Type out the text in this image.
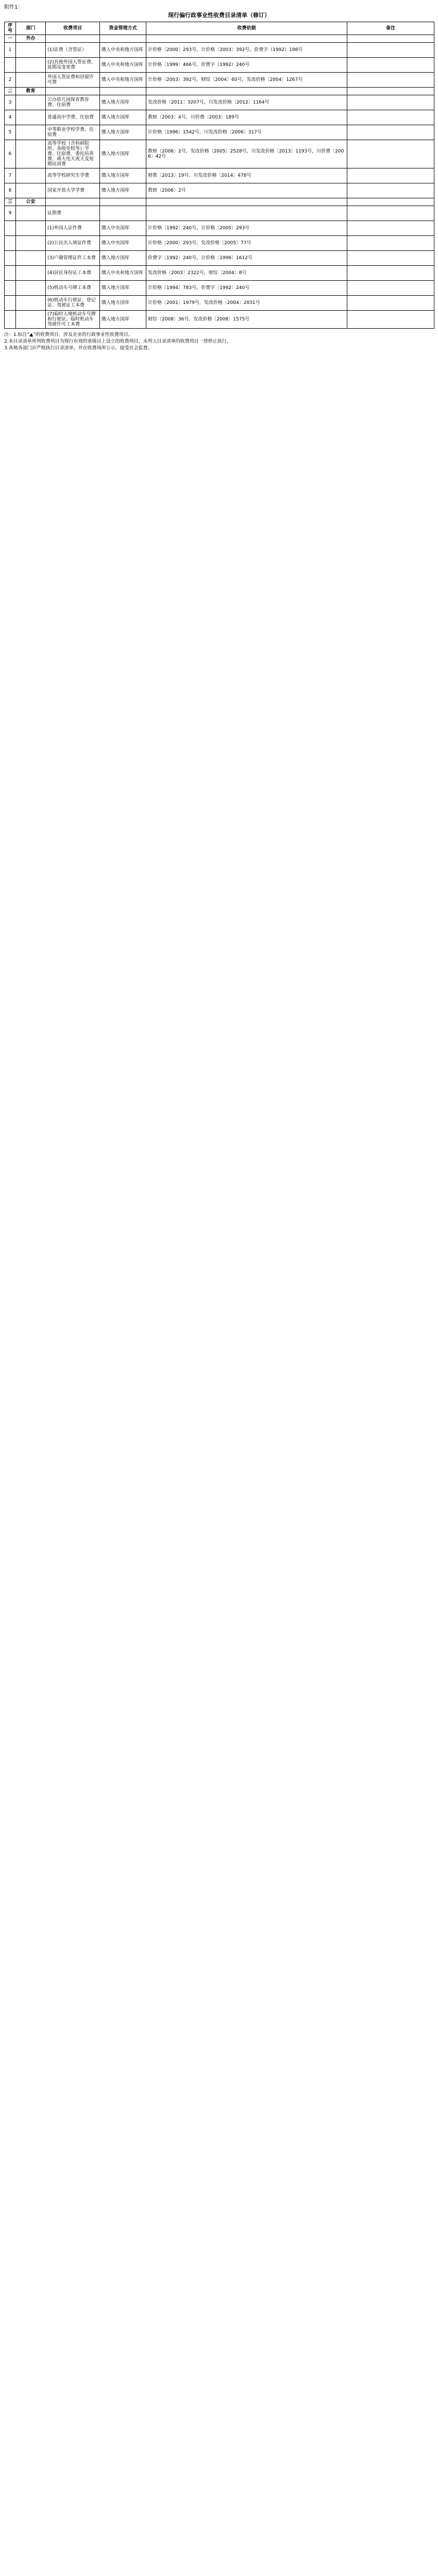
附件1：
现行偏行政事业性收费目录清单（修订）
序号	部门	收费项目	资金管理方式	收费依据	备注
一	外办				
1		(1)证费（含签证）	缴入中央和地方国库	计价格〔2000〕293号，计价格〔2003〕392号，价费字（1992）198号	
		(2)其他外国人签证费、延期及变更费	缴入中央和地方国库	计价格〔1999〕466号，价费字（1992）240号	
2		外国人签证费和居留许可费	缴入中央和地方国库	计价格〔2003〕392号，财综〔2004〕60号，发改价格〔2004〕1267号	
二	教育				
3		公办幼儿园保育教育费、住宿费	缴入地方国库	发改价格〔2011〕3207号，川发改价格〔2012〕1164号	
4		普通高中学费、住宿费	缴入地方国库	教财〔2003〕4号，川价费〔2003〕189号	
5		中等职业学校学费、住宿费	缴入地方国库	计价格〔1996〕1542号，川发改价格〔2006〕317号	
6		高等学校（含科研院所、各级党校等）学费、住宿费、委托培养费、函大电大夜大及短期培训费	缴入地方国库	教财〔2006〕2号，发改价格〔2005〕2528号，川发改价格〔2013〕1193号，川价费〔2006〕42号	
7		高等学校研究生学费	缴入地方国库	财教〔2013〕19号，川发改价格〔2014〕478号	
8		国家开放大学学费	缴入地方国库	教财〔2006〕2号	
三	公安				
9		证照费			
		(1)外国人证件费	缴入中央国库	计价格〔1992〕240号，计价格〔2000〕293号	
		(2)公民出入境证件费	缴入中央国库	计价格〔2000〕293号，发改价格〔2005〕77号	
		(3)户籍管理证件工本费	缴入地方国库	价费字〔1992〕240号，计价格〔1996〕1612号	
		(4)居民身份证工本费	缴入中央和地方国库	发改价格〔2003〕2322号，财综〔2004〕8号	
		(5)机动车号牌工本费	缴入地方国库	计价格〔1994〕783号，价费字〔1992〕240号	
		(6)机动车行驶证、登记证、驾驶证工本费	缴入地方国库	计价格〔2001〕1979号，发改价格〔2004〕2831号	
		(7)临时入境机动车号牌和行驶证、临时机动车驾驶许可工本费	缴入地方国库	财综〔2008〕36号，发改价格〔2008〕1575号	
注：1.标注“▲”的收费项目，涉及企业的行政事业性收费项目。
2.本目录清单所列收费项目为现行有效的省级以上设立的收费项目，未列入目录清单的收费项目一律停止执行。
3.各地各部门应严格执行目录清单，并在收费场所公示，接受社会监督。
